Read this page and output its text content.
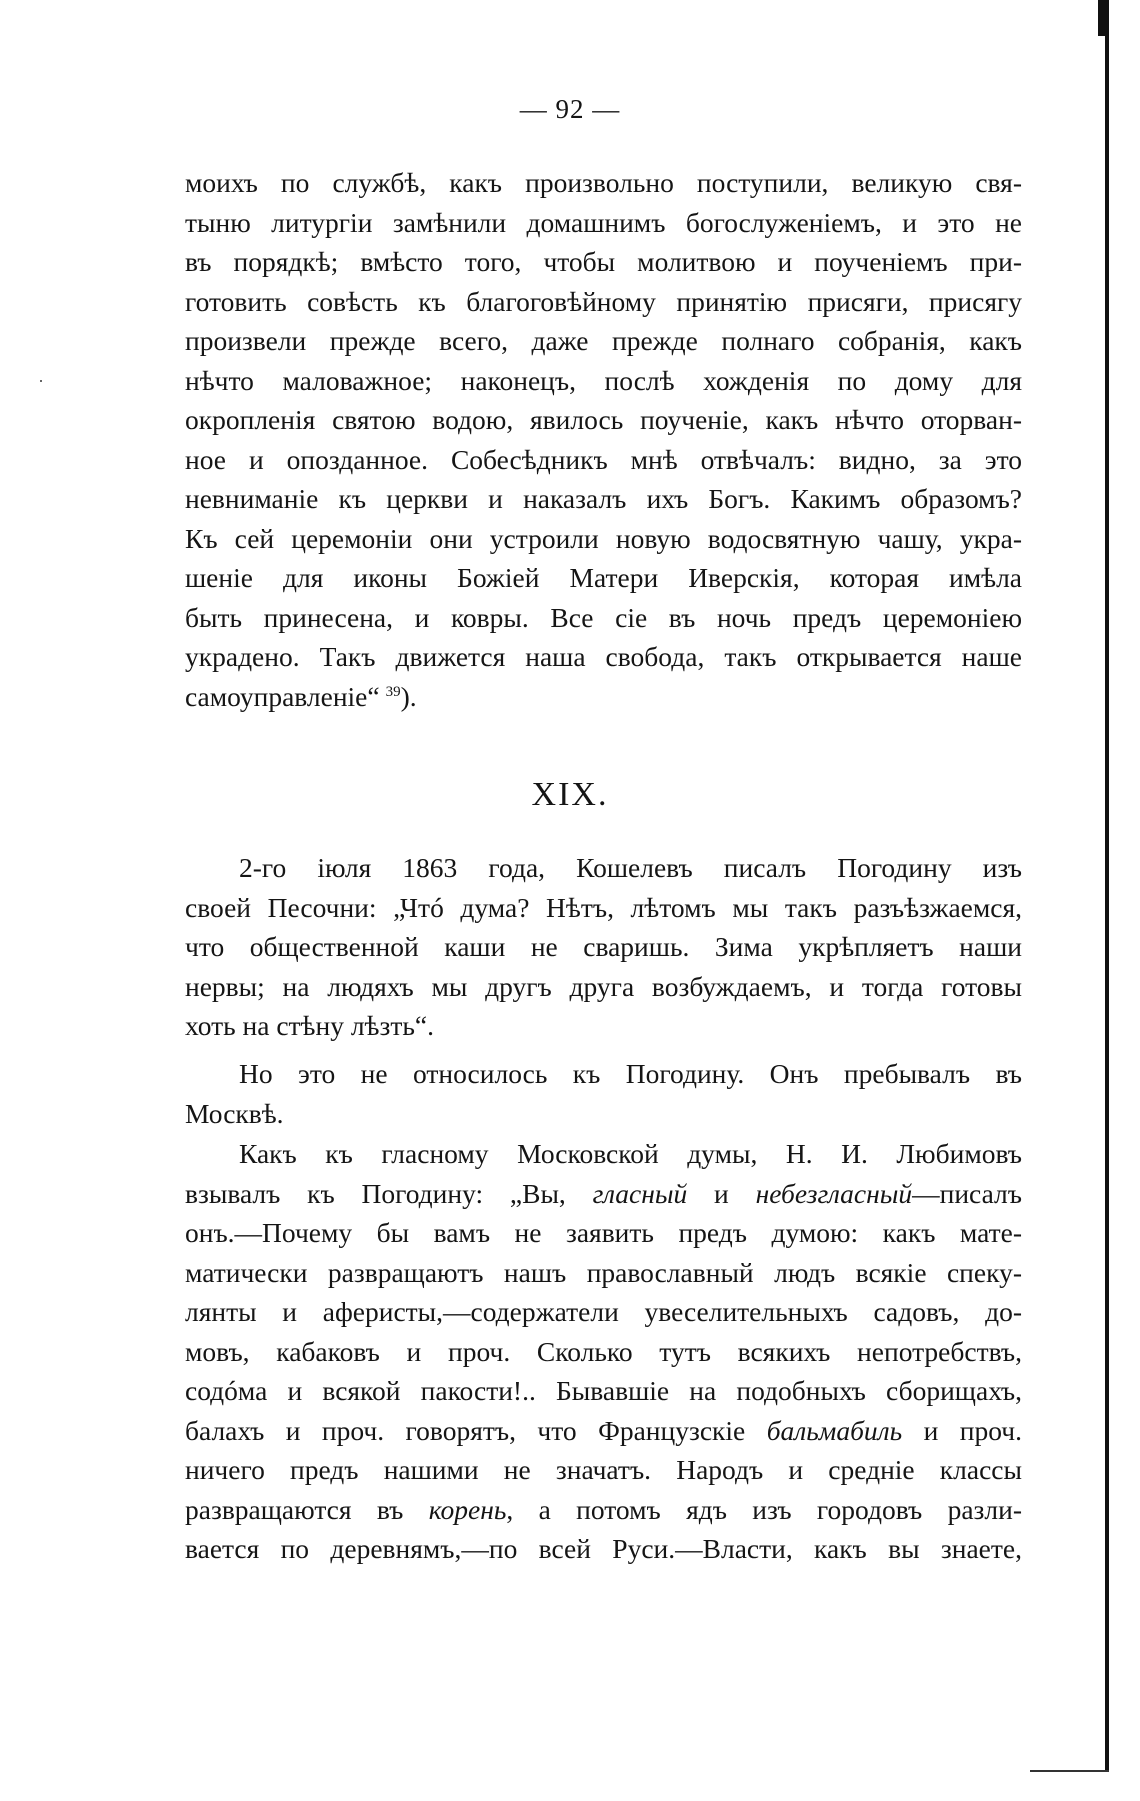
— 92 —
моихъ по службѣ, какъ произвольно поступили, великую свя-
тыню литургіи замѣнили домашнимъ богослуженіемъ, и это не
въ порядкѣ; вмѣсто того, чтобы молитвою и поученіемъ при-
готовить совѣсть къ благоговѣйному принятію присяги, присягу
произвели прежде всего, даже прежде полнаго собранія, какъ
нѣчто маловажное; наконецъ, послѣ хожденія по дому для
окропленія святою водою, явилось поученіе, какъ нѣчто оторван-
ное и опозданное. Собесѣдникъ мнѣ отвѣчалъ: видно, за это
невниманіе къ церкви и наказалъ ихъ Богъ. Какимъ образомъ?
Къ сей церемоніи они устроили новую водосвятную чашу, укра-
шеніе для иконы Божіей Матери Иверскія, которая имѣла
быть принесена, и ковры. Все сіе въ ночь предъ церемоніею
украдено. Такъ движется наша свобода, такъ открывается наше
самоуправленіе“ $^{39}$).
XIX.
2-го іюля 1863 года, Кошелевъ писалъ Погодину изъ
своей Песочни: „Чтó дума? Нѣтъ, лѣтомъ мы такъ разъѣзжаемся,
что общественной каши не сваришь. Зима укрѣпляетъ наши
нервы; на людяхъ мы другъ друга возбуждаемъ, и тогда готовы
хоть на стѣну лѣзть“.
Но это не относилось къ Погодину. Онъ пребывалъ въ
Москвѣ.
Какъ къ гласному Московской думы, Н. И. Любимовъ
взывалъ къ Погодину: „Вы, гласный и небезгласный—писалъ
онъ.—Почему бы вамъ не заявить предъ думою: какъ мате-
матически развращаютъ нашъ православный людъ всякіе спеку-
лянты и аферисты,—содержатели увеселительныхъ садовъ, до-
мовъ, кабаковъ и проч. Сколько тутъ всякихъ непотребствъ,
содóма и всякой пакости!.. Бывавшіе на подобныхъ сборищахъ,
балахъ и проч. говорятъ, что Французскіе бальмабиль и проч.
ничего предъ нашими не значатъ. Народъ и средніе классы
развращаются въ корень, а потомъ ядъ изъ городовъ разли-
вается по деревнямъ,—по всей Руси.—Власти, какъ вы знаете,
